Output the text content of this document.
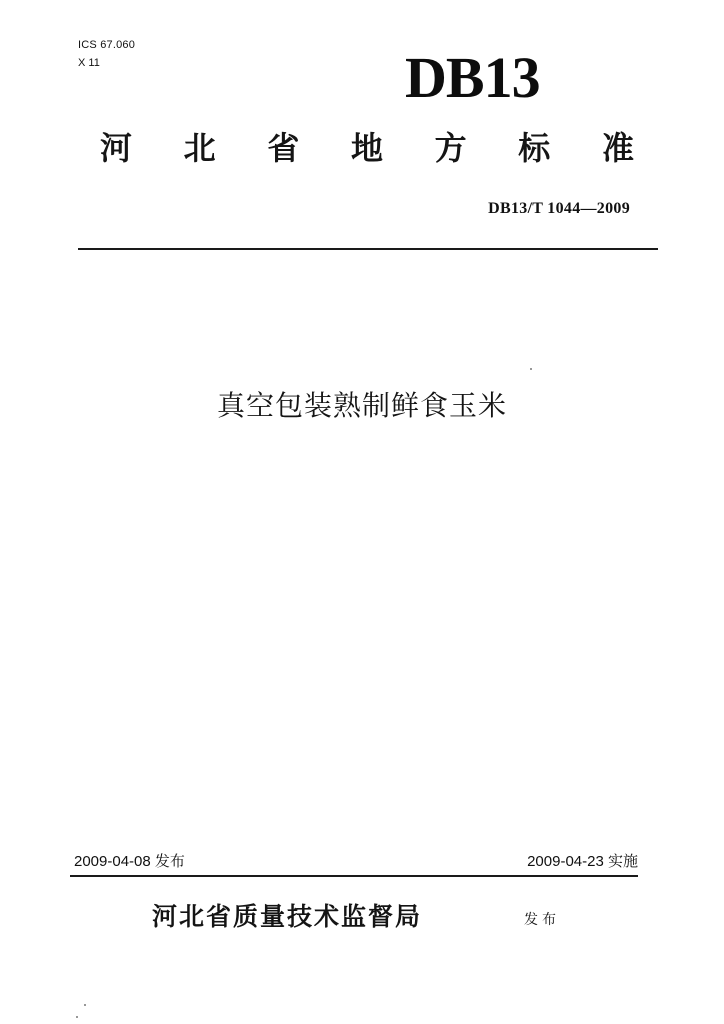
ICS 67.060
X 11	DB13
河 北 省 地 方 标 准
DB13/T 1044—2009
真空包装熟制鲜食玉米
2009-04-08 发布	2009-04-23 实施
河北省质量技术监督局	发布
